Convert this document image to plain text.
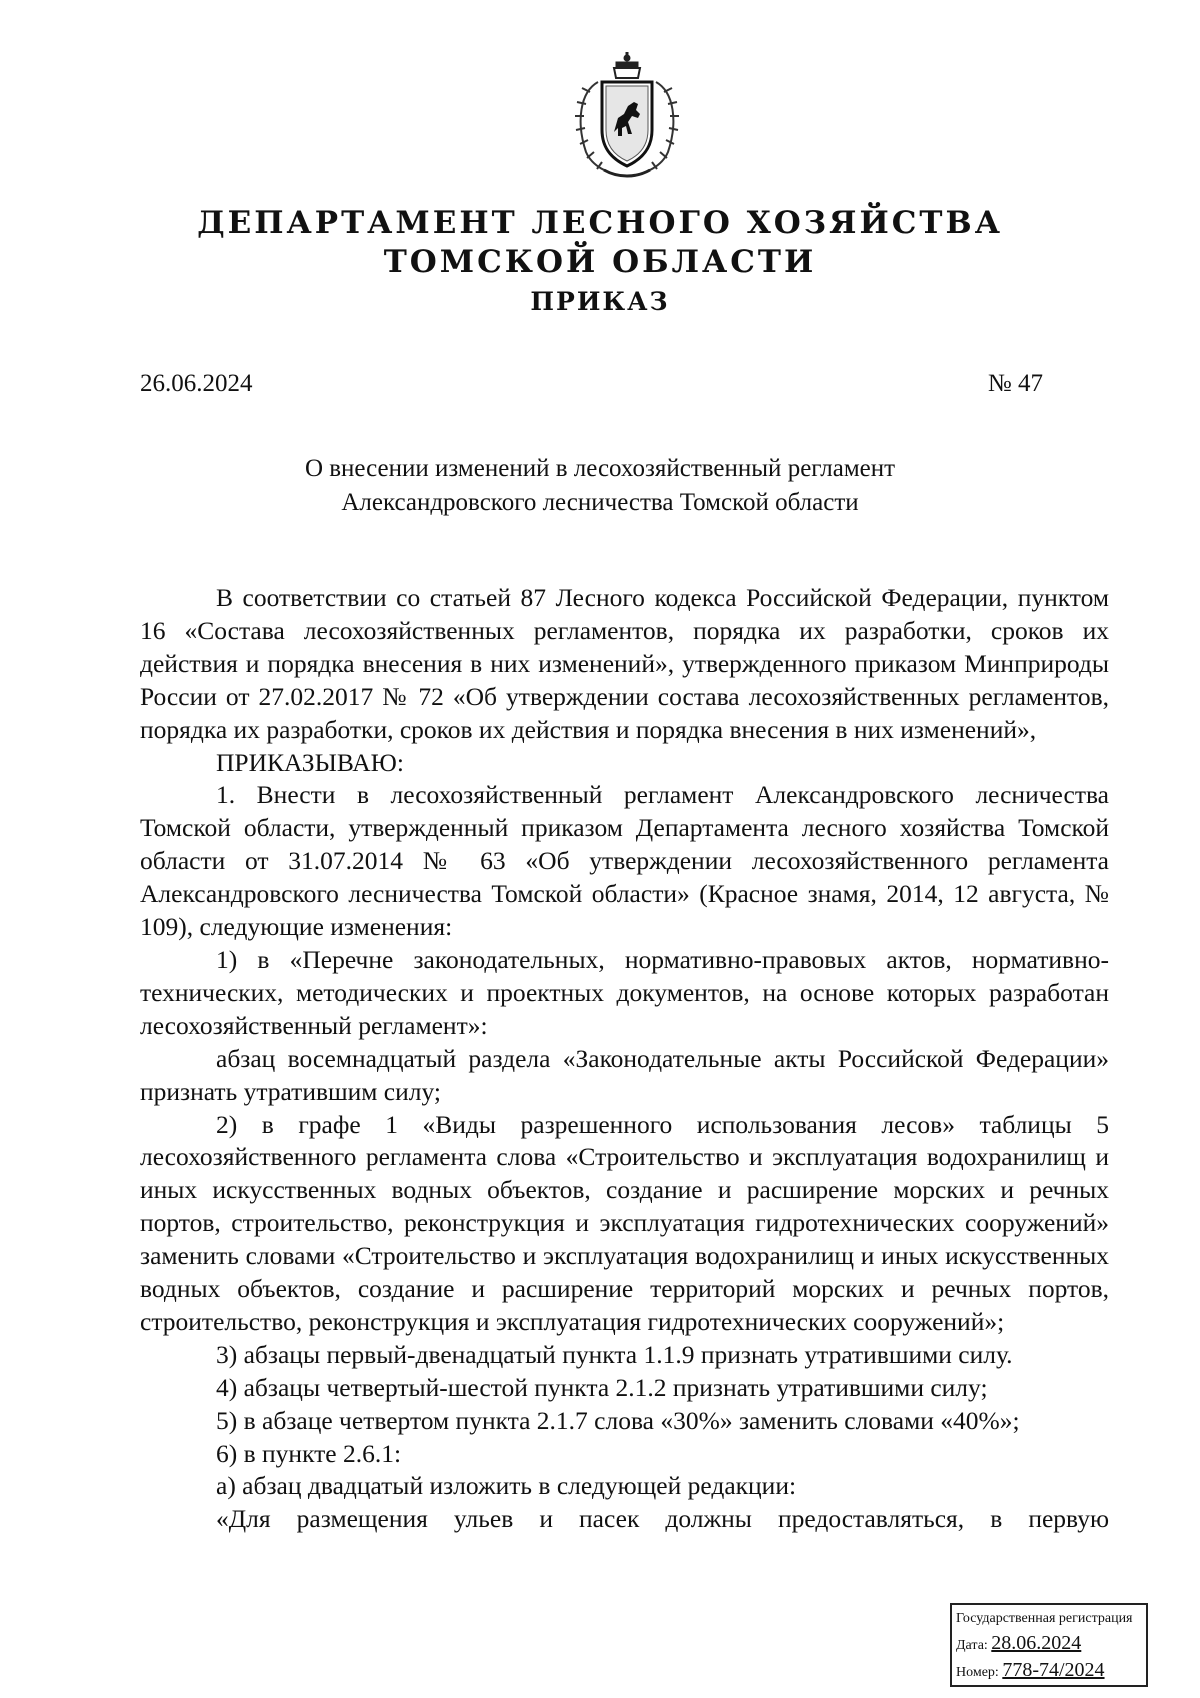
ДЕПАРТАМЕНТ ЛЕСНОГО ХОЗЯЙСТВА
ТОМСКОЙ ОБЛАСТИ
ПРИКАЗ
26.06.2024	№ 47
О внесении изменений в лесохозяйственный регламент
Александровского лесничества Томской области

В соответствии со статьей 87 Лесного кодекса Российской Федерации, пунктом 16 «Состава лесохозяйственных регламентов, порядка их разработки, сроков их действия и порядка внесения в них изменений», утвержденного приказом Минприроды России от 27.02.2017 № 72 «Об утверждении состава лесохозяйственных регламентов, порядка их разработки, сроков их действия и порядка внесения в них изменений»,

ПРИКАЗЫВАЮ:

1. Внести в лесохозяйственный регламент Александровского лесничества Томской области, утвержденный приказом Департамента лесного хозяйства Томской области от 31.07.2014 № 63 «Об утверждении лесохозяйственного регламента Александровского лесничества Томской области» (Красное знамя, 2014, 12 августа, № 109), следующие изменения:

1) в «Перечне законодательных, нормативно-правовых актов, нормативно-технических, методических и проектных документов, на основе которых разработан лесохозяйственный регламент»:

абзац восемнадцатый раздела «Законодательные акты Российской Федерации» признать утратившим силу;

2) в графе 1 «Виды разрешенного использования лесов» таблицы 5 лесохозяйственного регламента слова «Строительство и эксплуатация водохранилищ и иных искусственных водных объектов, создание и расширение морских и речных портов, строительство, реконструкция и эксплуатация гидротехнических сооружений» заменить словами «Строительство и эксплуатация водохранилищ и иных искусственных водных объектов, создание и расширение территорий морских и речных портов, строительство, реконструкция и эксплуатация гидротехнических сооружений»;

3) абзацы первый-двенадцатый пункта 1.1.9 признать утратившими силу.

4) абзацы четвертый-шестой пункта 2.1.2 признать утратившими силу;

5) в абзаце четвертом пункта 2.1.7 слова «30%» заменить словами «40%»;

6) в пункте 2.6.1:

а) абзац двадцатый изложить в следующей редакции:

«Для размещения ульев и пасек должны предоставляться, в первую

Государственная регистрация
Дата: 28.06.2024
Номер: 778-74/2024
